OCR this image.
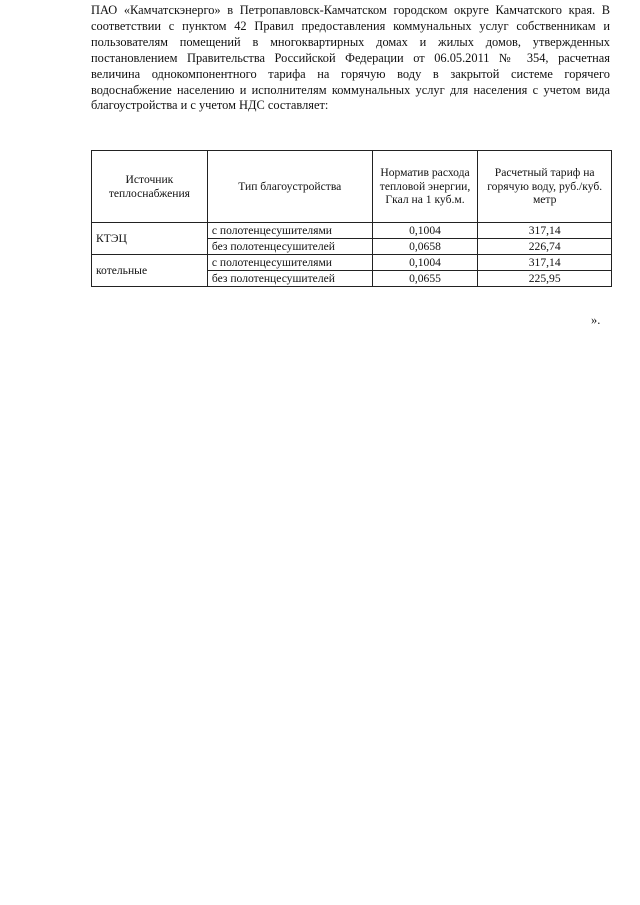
ПАО «Камчатскэнерго» в Петропавловск-Камчатском городском округе Камчатского края. В
соответствии с пунктом 42 Правил предоставления коммунальных услуг собственникам и
пользователям помещений в многоквартирных домах и жилых домов, утвержденных
постановлением Правительства Российской Федерации от 06.05.2011 № 354, расчетная
величина однокомпонентного тарифа на горячую воду в закрытой системе горячего
водоснабжение населению и исполнителям коммунальных услуг для населения с учетом вида
благоустройства и с учетом НДС составляет:

Источник теплоснабжения	Тип благоустройства	Норматив расхода тепловой энергии, Гкал на 1 куб.м.	Расчетный тариф на горячую воду, руб./куб. метр
КТЭЦ	с полотенцесушителями	0,1004	317,14
	без полотенцесушителей	0,0658	226,74
котельные	с полотенцесушителями	0,1004	317,14
	без полотенцесушителей	0,0655	225,95
».
